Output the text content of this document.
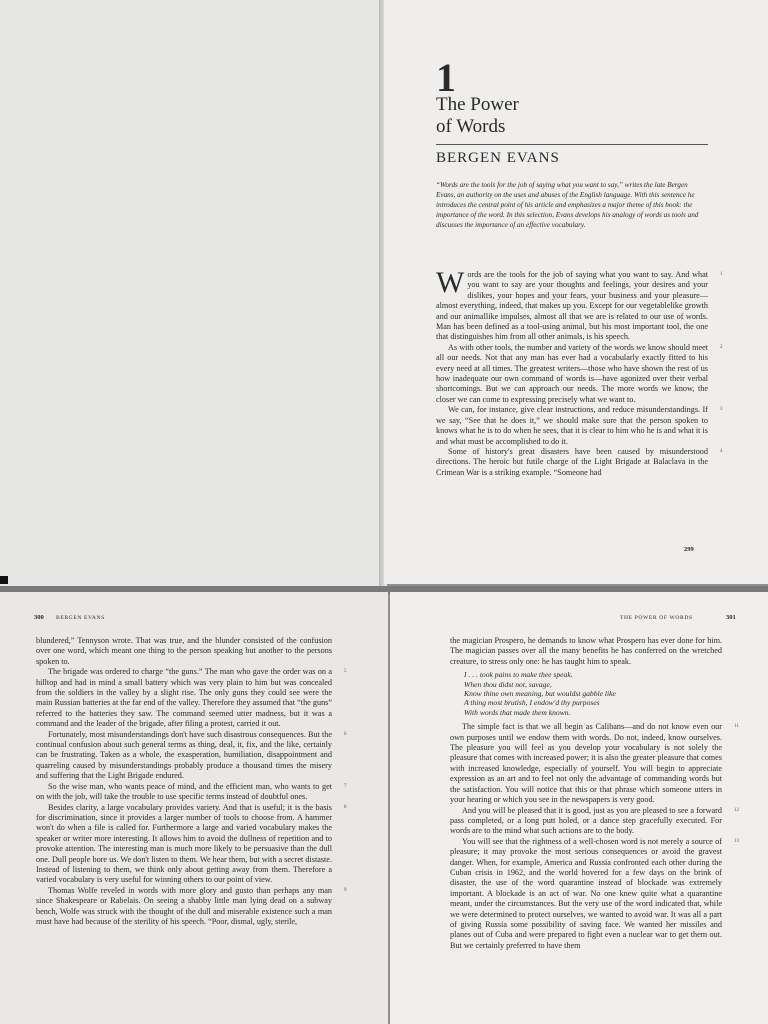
1
The Power
of Words
BERGEN EVANS
“Words are the tools for the job of saying what you want to say,” writes the late Bergen Evans, an authority on the uses and abuses of the English language. With this sentence he introduces the central point of his article and emphasizes a major theme of this book: the importance of the word. In this selection, Evans develops his analogy of words as tools and discusses the importance of an effective vocabulary.

1
W ords are the tools for the job of saying what you want to say. And what you want to say are your thoughts and feelings, your desires and your dislikes, your hopes and your fears, your business and your pleasure—almost everything, indeed, that makes up you. Except for our vegetablelike growth and our animallike impulses, almost all that we are is related to our use of words. Man has been defined as a tool-using animal, but his most important tool, the one that distinguishes him from all other animals, is his speech.

2
As with other tools, the number and variety of the words we know should meet all our needs. Not that any man has ever had a vocabularly exactly fitted to his every need at all times. The greatest writers—those who have shown the rest of us how inadequate our own command of words is—have agonized over their verbal shortcomings. But we can approach our needs. The more words we know, the closer we can come to expressing precisely what we want to.

3
We can, for instance, give clear instructions, and reduce misunderstandings. If we say, “See that he does it,” we should make sure that the person spoken to knows what he is to do when he sees, that it is clear to him who he is and what it is and what must be accomplished to do it.

4
Some of history's great disasters have been caused by misunderstood directions. The heroic but futile charge of the Light Brigade at Balaclava in the Crimean War is a striking example. “Someone had

299
300 BERGEN EVANS

blundered,” Tennyson wrote. That was true, and the blunder consisted of the confusion over one word, which meant one thing to the person speaking but another to the persons spoken to.

5
The brigade was ordered to charge “the guns.” The man who gave the order was on a hilltop and had in mind a small battery which was very plain to him but was concealed from the soldiers in the valley by a slight rise. The only guns they could see were the main Russian batteries at the far end of the valley. Therefore they assumed that “the guns” referred to the batteries they saw. The command seemed utter madness, but it was a command and the leader of the brigade, after filing a protest, carried it out.

6
Fortunately, most misunderstandings don't have such disastrous consequences. But the continual confusion about such general terms as thing, deal, it, fix, and the like, certainly can be frustrating. Taken as a whole, the exasperation, humiliation, disappointment and quarreling caused by misunderstandings probably produce a thousand times the misery and suffering that the Light Brigade endured.

7
So the wise man, who wants peace of mind, and the efficient man, who wants to get on with the job, will take the trouble to use specific terms instead of doubtful ones.

8
Besides clarity, a large vocabulary provides variety. And that is useful; it is the basis for discrimination, since it provides a larger number of tools to choose from. A hammer won't do when a file is called for. Furthermore a large and varied vocabulary makes the speaker or writer more interesting. It allows him to avoid the dullness of repetition and to provoke attention. The interesting man is much more likely to be persuasive than the dull one. Dull people bore us. We don't listen to them. We hear them, but with a secret distaste. Instead of listening to them, we think only about getting away from them. Therefore a varied vocabulary is very useful for winning others to our point of view.

9
Thomas Wolfe reveled in words with more glory and gusto than perhaps any man since Shakespeare or Rabelais. On seeing a shabby little man lying dead on a subway bench, Wolfe was struck with the thought of the dull and miserable existence such a man must have had because of the sterility of his speech. “Poor, dismal, ugly, sterile,

THE POWER OF WORDS	301

the magician Prospero, he demands to know what Prospero has ever done for him. The magician passes over all the many benefits he has conferred on the wretched creature, to stress only one: he has taught him to speak.

I . . . took pains to make thee speak.
When thou didst not, savage,
Know thine own meaning, but wouldst gabble like
A thing most brutish, I endow'd thy purposes
With words that made them known.

11
The simple fact is that we all begin as Calibans—and do not know even our own purposes until we endow them with words. Do not, indeed, know ourselves. The pleasure you will feel as you develop your vocabulary is not solely the pleasure that comes with increased power; it is also the greater pleasure that comes with increased knowledge, especially of yourself. You will begin to appreciate expression as an art and to feel not only the advantage of commanding words but the satisfaction. You will notice that this or that phrase which someone utters in your hearing or which you see in the newspapers is very good.

12
And you will be pleased that it is good, just as you are pleased to see a forward pass completed, or a long putt holed, or a dance step gracefully executed. For words are to the mind what such actions are to the body.

13
You will see that the rightness of a well-chosen word is not merely a source of pleasure; it may provoke the most serious consequences or avoid the gravest danger. When, for example, America and Russia confronted each other during the Cuban crisis in 1962, and the world hovered for a few days on the brink of disaster, the use of the word quarantine instead of blockade was extremely important. A blockade is an act of war. No one knew quite what a quarantine meant, under the circumstances. But the very use of the word indicated that, while we were determined to protect ourselves, we wanted to avoid war. It was all a part of giving Russia some possibility of saving face. We wanted her missiles and planes out of Cuba and were prepared to fight even a nuclear war to get them out. But we certainly preferred to have them
